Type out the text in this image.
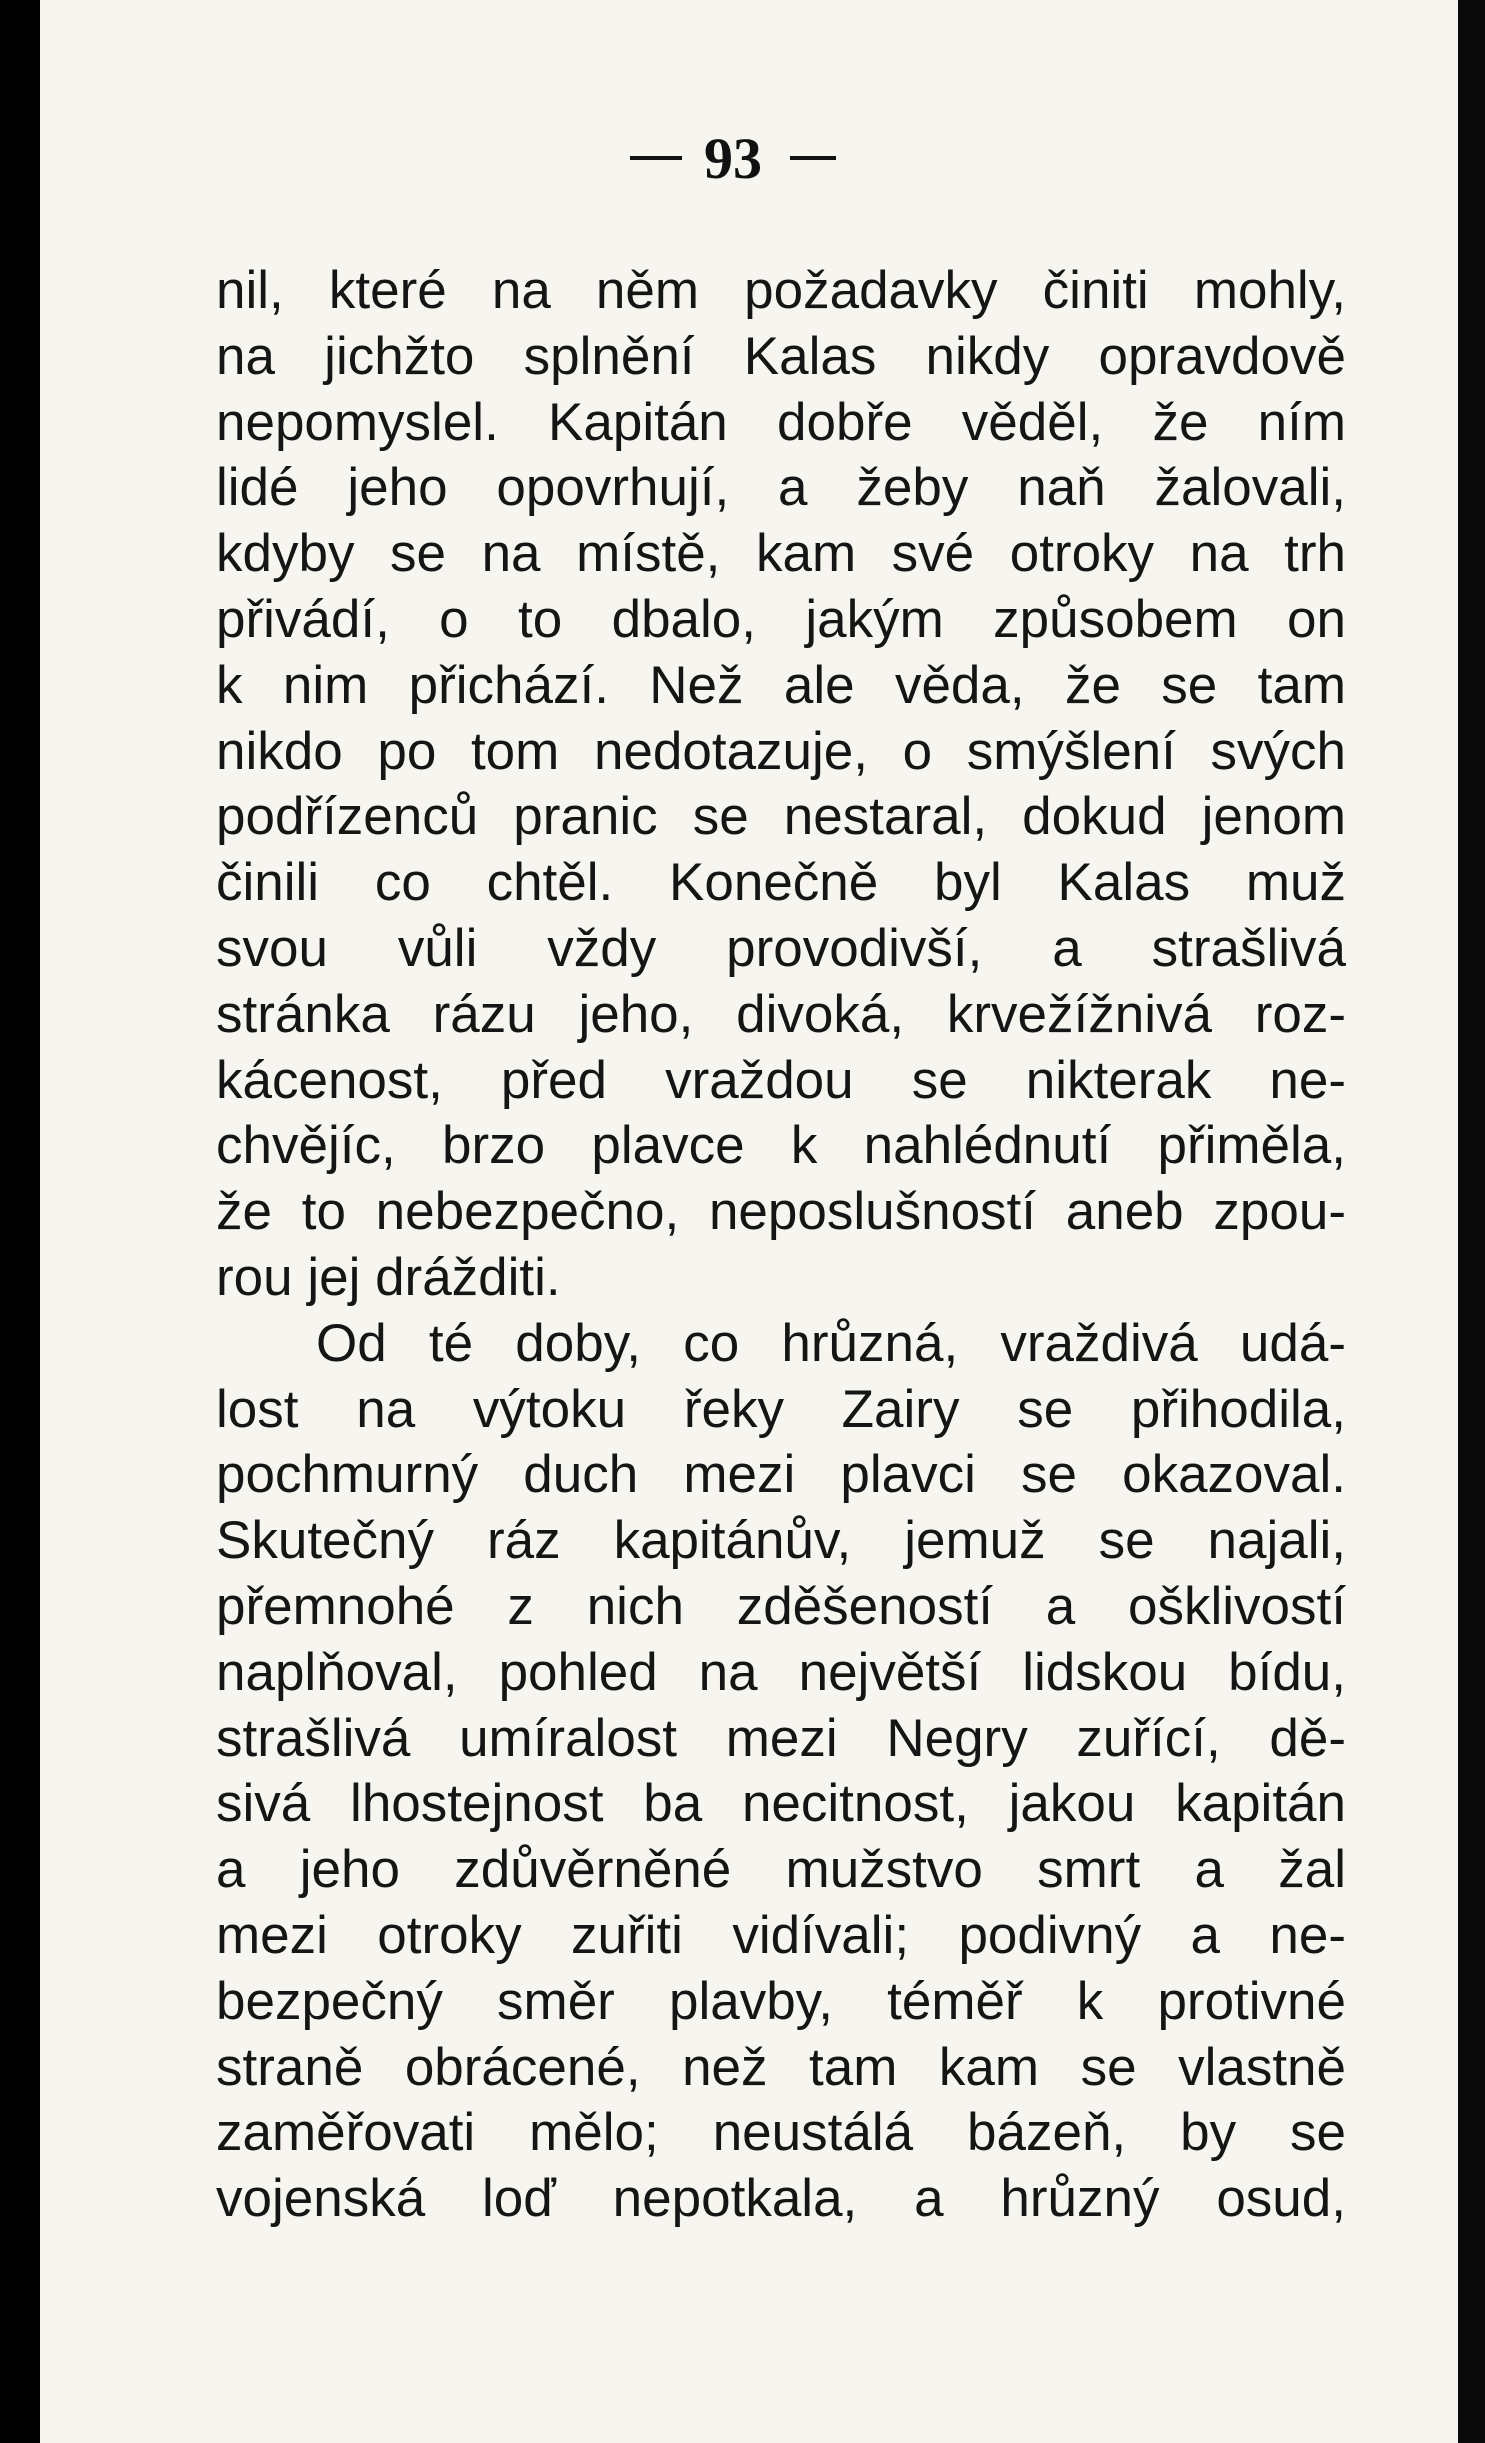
93
nil, které na něm požadavky činiti mohly,
na jichžto splnění Kalas nikdy opravdově
nepomyslel. Kapitán dobře věděl, že ním
lidé jeho opovrhují, a žeby naň žalovali,
kdyby se na místě, kam své otroky na trh
přivádí, o to dbalo, jakým způsobem on
k nim přichází. Než ale věda, že se tam
nikdo po tom nedotazuje, o smýšlení svých
podřízenců pranic se nestaral, dokud jenom
činili co chtěl. Konečně byl Kalas muž
svou vůli vždy provodivší, a strašlivá
stránka rázu jeho, divoká, krvežížnivá roz-
kácenost, před vraždou se nikterak ne-
chvějíc, brzo plavce k nahlédnutí přiměla,
že to nebezpečno, neposlušností aneb zpou-
rou jej drážditi.
Od té doby, co hrůzná, vraždivá udá-
lost na výtoku řeky Zairy se přihodila,
pochmurný duch mezi plavci se okazoval.
Skutečný ráz kapitánův, jemuž se najali,
přemnohé z nich zděšeností a ošklivostí
naplňoval, pohled na největší lidskou bídu,
strašlivá umíralost mezi Negry zuřící, dě-
sivá lhostejnost ba necitnost, jakou kapitán
a jeho zdůvěrněné mužstvo smrt a žal
mezi otroky zuřiti vidívali; podivný a ne-
bezpečný směr plavby, téměř k protivné
straně obrácené, než tam kam se vlastně
zaměřovati mělo; neustálá bázeň, by se
vojenská loď nepotkala, a hrůzný osud,
